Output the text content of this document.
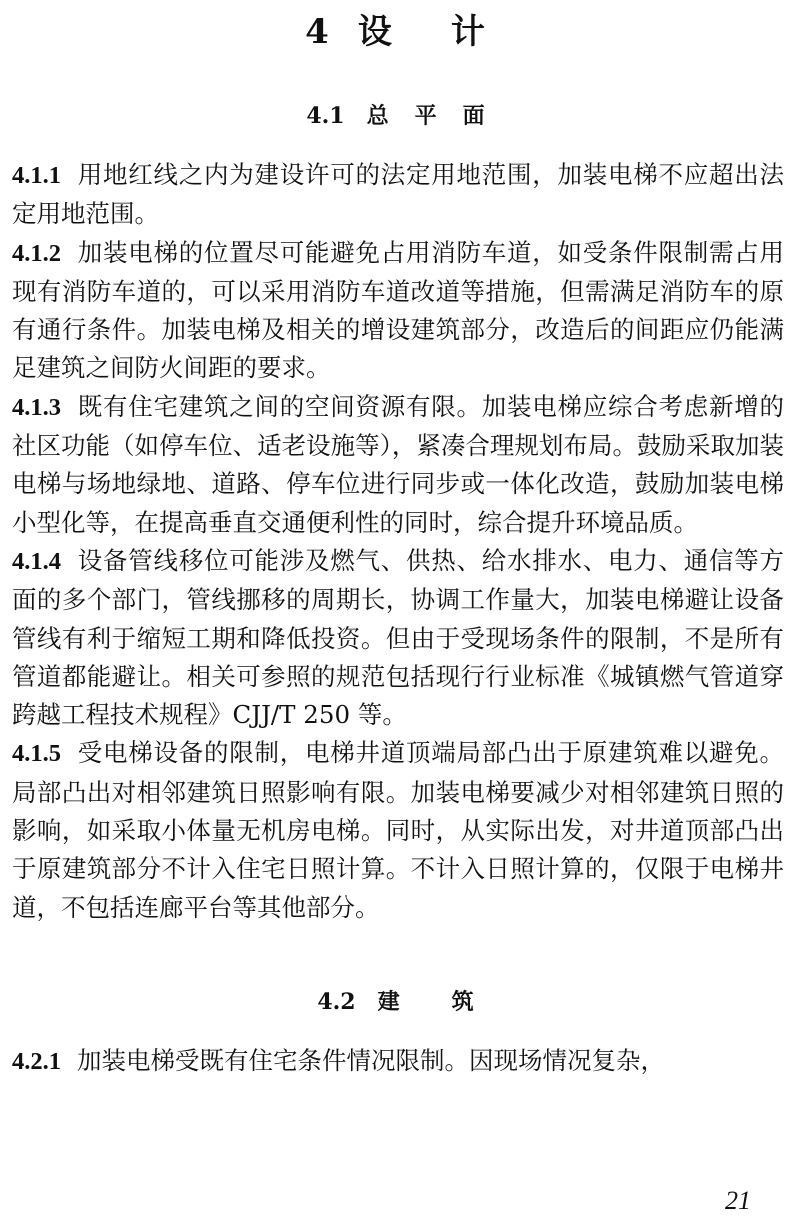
4 设 计
4.1 总 平 面

4.1.1 用地红线之内为建设许可的法定用地范围，加装电梯不应超出法定用地范围。

4.1.2 加装电梯的位置尽可能避免占用消防车道，如受条件限制需占用现有消防车道的，可以采用消防车道改道等措施，但需满足消防车的原有通行条件。加装电梯及相关的增设建筑部分，改造后的间距应仍能满足建筑之间防火间距的要求。

4.1.3 既有住宅建筑之间的空间资源有限。加装电梯应综合考虑新增的社区功能（如停车位、适老设施等），紧凑合理规划布局。鼓励采取加装电梯与场地绿地、道路、停车位进行同步或一体化改造，鼓励加装电梯小型化等，在提高垂直交通便利性的同时，综合提升环境品质。

4.1.4 设备管线移位可能涉及燃气、供热、给水排水、电力、通信等方面的多个部门，管线挪移的周期长，协调工作量大，加装电梯避让设备管线有利于缩短工期和降低投资。但由于受现场条件的限制，不是所有管道都能避让。相关可参照的规范包括现行行业标准《城镇燃气管道穿跨越工程技术规程》CJJ/T 250 等。

4.1.5 受电梯设备的限制，电梯井道顶端局部凸出于原建筑难以避免。局部凸出对相邻建筑日照影响有限。加装电梯要减少对相邻建筑日照的影响，如采取小体量无机房电梯。同时，从实际出发，对井道顶部凸出于原建筑部分不计入住宅日照计算。不计入日照计算的，仅限于电梯井道，不包括连廊平台等其他部分。

4.2 建 筑

4.2.1 加装电梯受既有住宅条件情况限制。因现场情况复杂，

21
